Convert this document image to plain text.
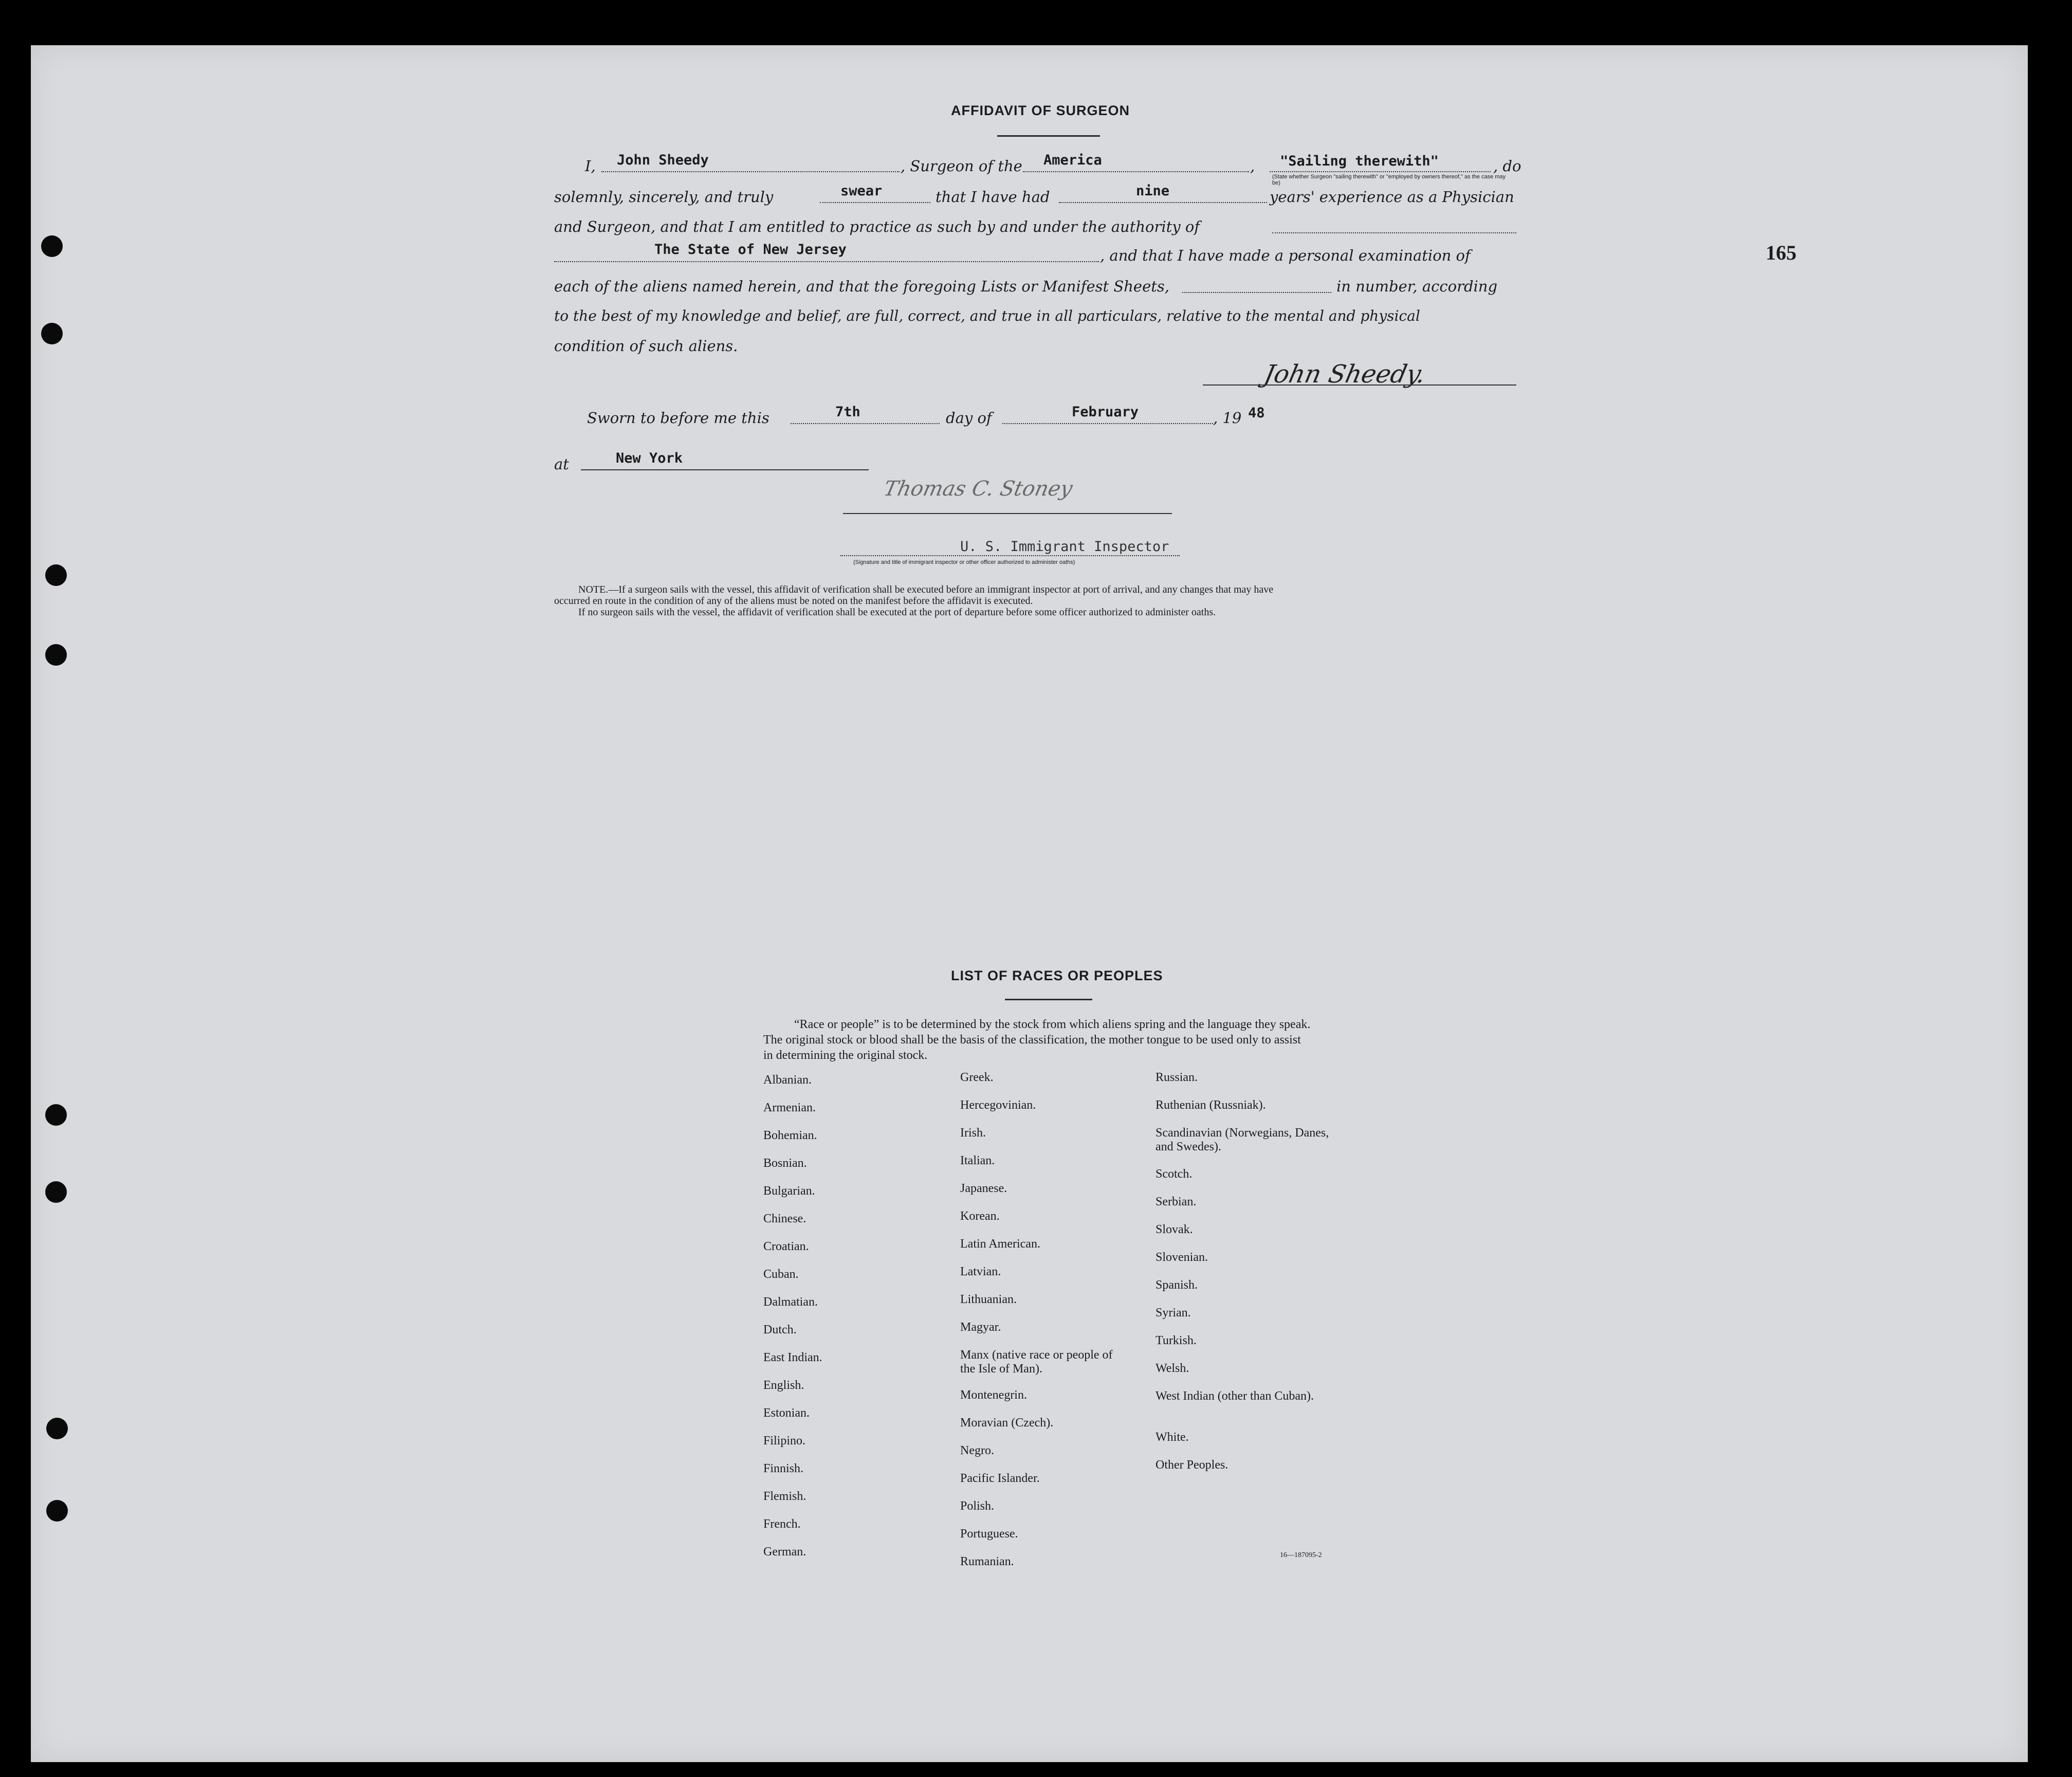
165
AFFIDAVIT OF SURGEON
I, John Sheedy	, Surgeon of the America	, "Sailing therewith"	, do
(State whether Surgeon "sailing therewith" or "employed by owners thereof," as the case may be)
solemnly, sincerely, and truly	swear	that I have had	nine	years' experience as a Physician
and Surgeon, and that I am entitled to practice as such by and under the authority of
The State of New Jersey	, and that I have made a personal examination of
each of the aliens named herein, and that the foregoing Lists or Manifest Sheets,	in number, according
to the best of my knowledge and belief, are full, correct, and true in all particulars, relative to the mental and physical
condition of such aliens.
John Sheedy.
Sworn to before me this	7th	day of	February	, 19 48
at	New York
Thomas C. Stoney
U. S. Immigrant Inspector
(Signature and title of immigrant inspector or other officer authorized to administer oaths)
NOTE.—If a surgeon sails with the vessel, this affidavit of verification shall be executed before an immigrant inspector at port of arrival, and any changes that may have
occurred en route in the condition of any of the aliens must be noted on the manifest before the affidavit is executed.
If no surgeon sails with the vessel, the affidavit of verification shall be executed at the port of departure before some officer authorized to administer oaths.
LIST OF RACES OR PEOPLES
“Race or people” is to be determined by the stock from which aliens spring and the language they speak. The original stock or blood shall be the basis of the classification, the mother tongue to be used only to assist in determining the original stock.
Albanian.
Armenian.
Bohemian.
Bosnian.
Bulgarian.
Chinese.
Croatian.
Cuban.
Dalmatian.
Dutch.
East Indian.
English.
Estonian.
Filipino.
Finnish.
Flemish.
French.
German.
Greek.
Hercegovinian.
Irish.
Italian.
Japanese.
Korean.
Latin American.
Latvian.
Lithuanian.
Magyar.
Manx (native race or people of the Isle of Man).
Montenegrin.
Moravian (Czech).
Negro.
Pacific Islander.
Polish.
Portuguese.
Rumanian.
Russian.
Ruthenian (Russniak).
Scandinavian (Norwegians, Danes, and Swedes).
Scotch.
Serbian.
Slovak.
Slovenian.
Spanish.
Syrian.
Turkish.
Welsh.
West Indian (other than Cuban).
White.
Other Peoples.
16—187095-2
